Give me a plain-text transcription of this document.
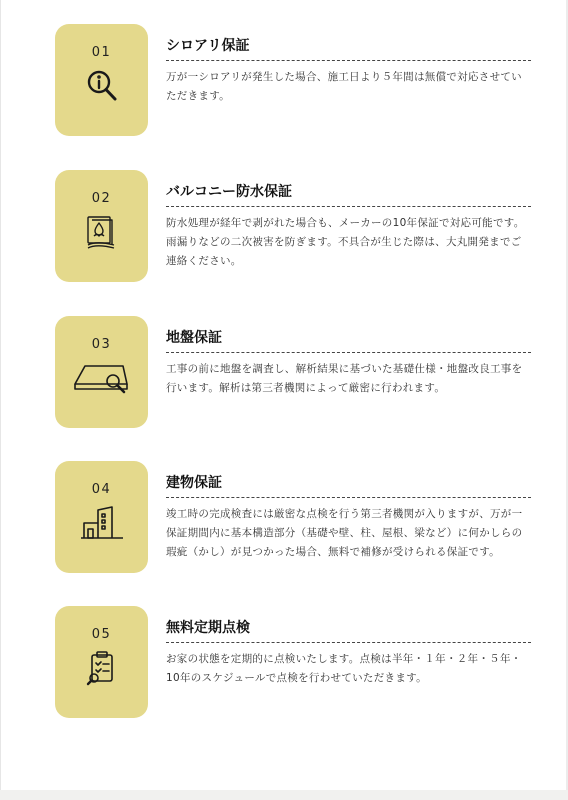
01	シロアリ保証
万が一シロアリが発生した場合、施工日より５年間は無償で対応させていただきます。
02	バルコニー防水保証
防水処理が経年で剥がれた場合も、メーカーの10年保証で対応可能です。雨漏りなどの二次被害を防ぎます。不具合が生じた際は、大丸開発までご連絡ください。
03	地盤保証
工事の前に地盤を調査し、解析結果に基づいた基礎仕様・地盤改良工事を行います。解析は第三者機関によって厳密に行われます。
04	建物保証
竣工時の完成検査には厳密な点検を行う第三者機関が入りますが、万が一保証期間内に基本構造部分（基礎や壁、柱、屋根、梁など）に何かしらの瑕疵（かし）が見つかった場合、無料で補修が受けられる保証です。
05	無料定期点検
お家の状態を定期的に点検いたします。点検は半年・１年・２年・５年・10年のスケジュールで点検を行わせていただきます。
